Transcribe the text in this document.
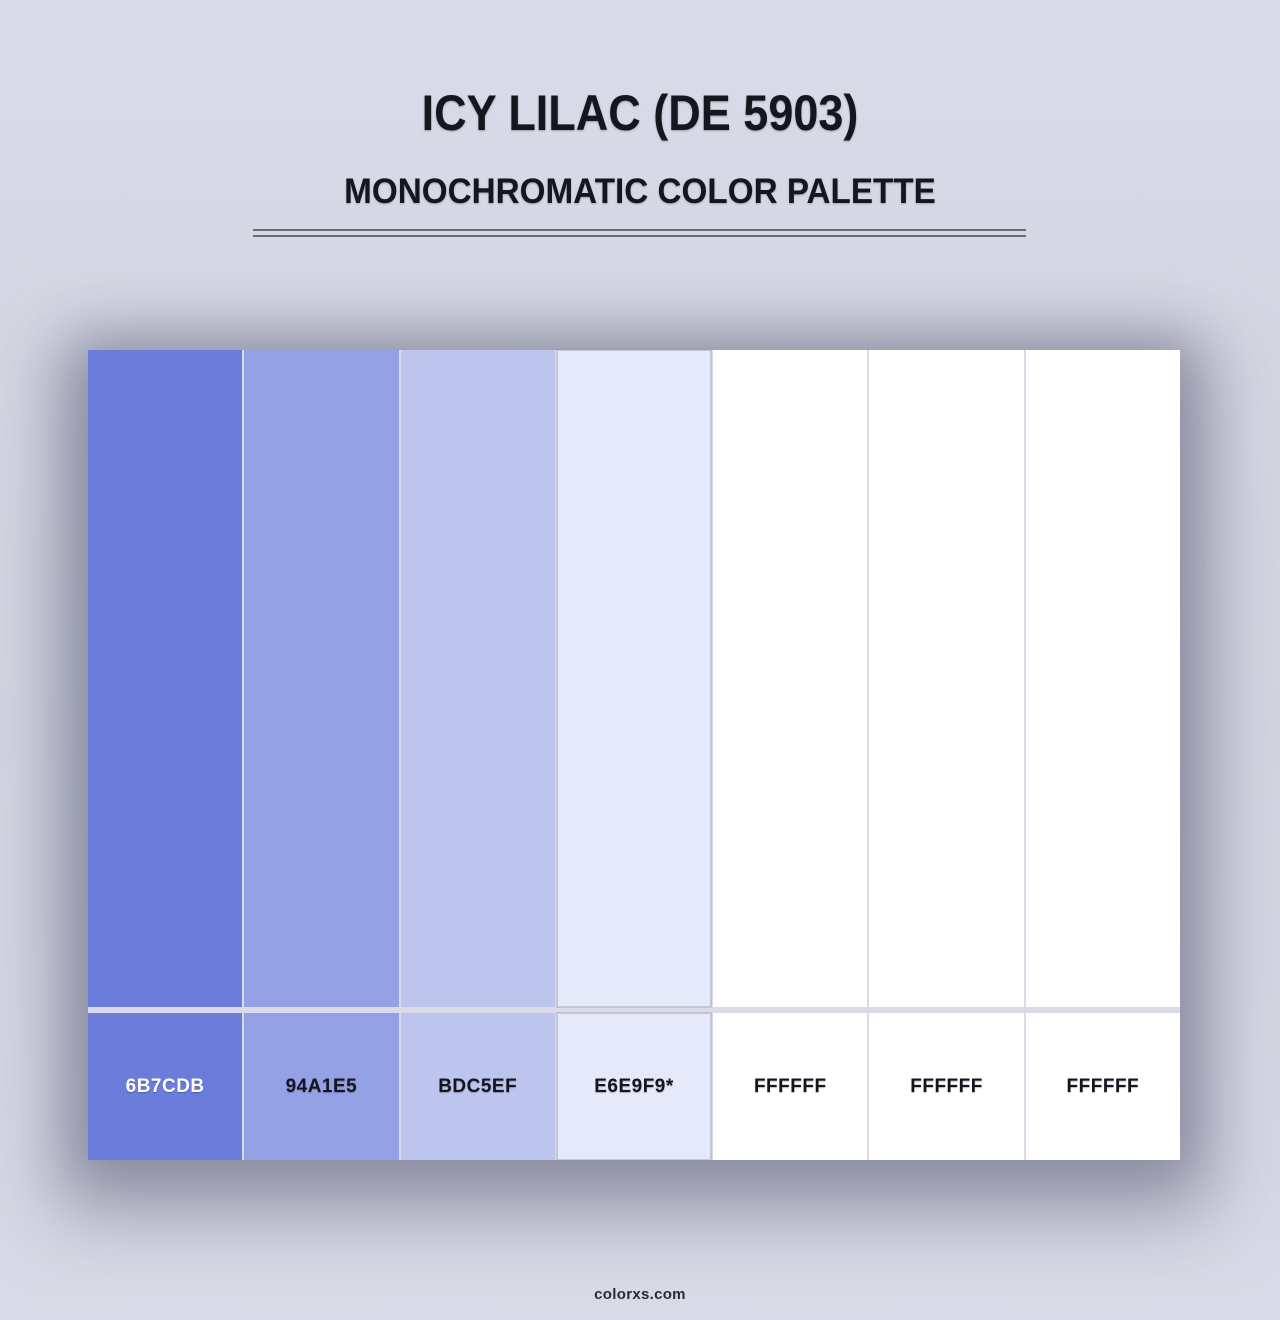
ICY LILAC (DE 5903)
MONOCHROMATIC COLOR PALETTE
6B7CDB	94A1E5	BDC5EF	E6E9F9*	FFFFFF	FFFFFF	FFFFFF
colorxs.com
